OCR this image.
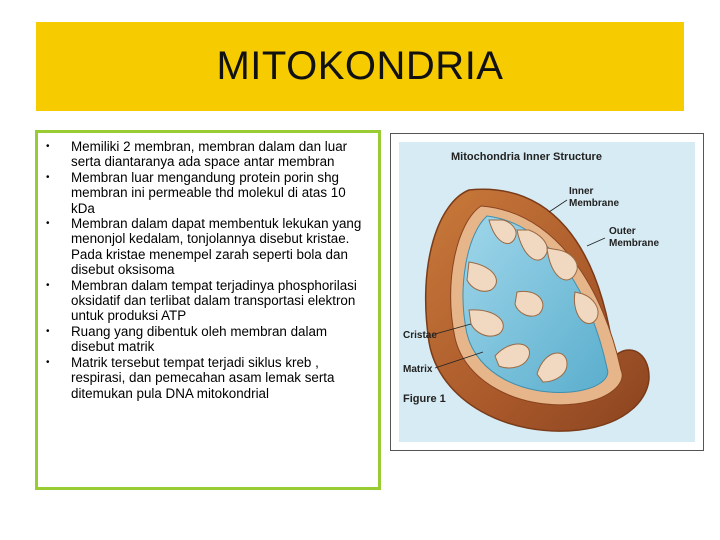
MITOKONDRIA
• Memiliki 2 membran, membran dalam dan luar serta diantaranya ada space antar membran
• Membran luar mengandung protein porin shg membran ini permeable thd molekul di atas 10 kDa
• Membran dalam dapat membentuk lekukan yang menonjol kedalam, tonjolannya disebut kristae. Pada kristae menempel zarah seperti bola dan disebut oksisoma
• Membran dalam tempat terjadinya phosphorilasi oksidatif dan terlibat dalam transportasi elektron untuk produksi ATP
• Ruang yang dibentuk oleh membran dalam disebut matrik
• Matrik tersebut tempat terjadi siklus kreb , respirasi, dan pemecahan asam lemak serta ditemukan pula DNA mitokondrial
Mitochondria Inner Structure
Inner Membrane
Outer Membrane
Cristae
Matrix
Figure 1
